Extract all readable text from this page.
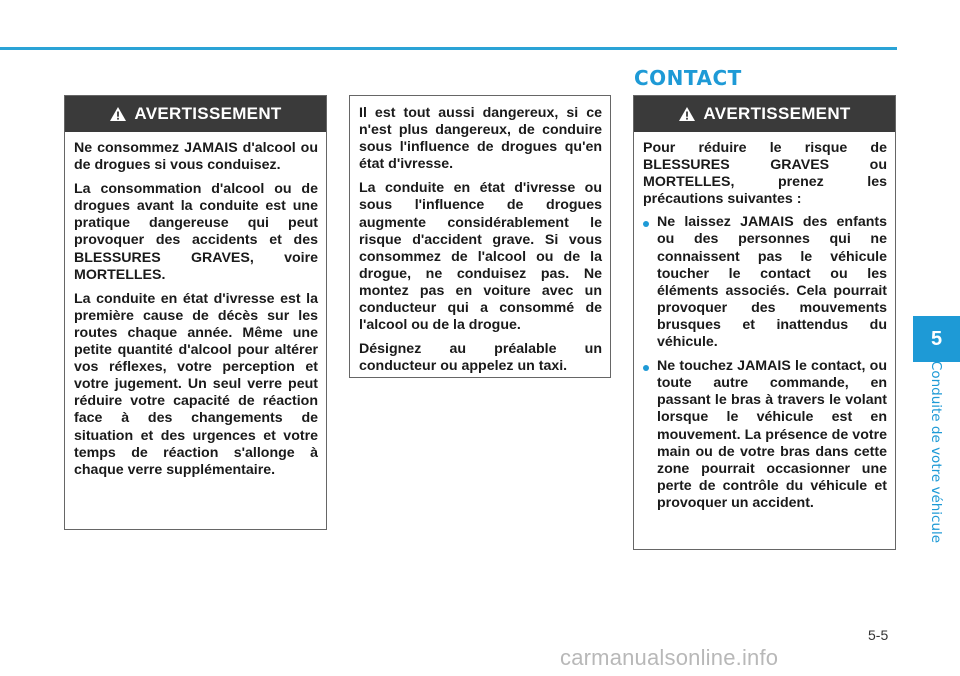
CONTACT
AVERTISSEMENT

Ne consommez JAMAIS d'alcool ou de drogues si vous conduisez.

La consommation d'alcool ou de drogues avant la conduite est une pratique dangereuse qui peut provoquer des accidents et des BLESSURES GRAVES, voire MORTELLES.

La conduite en état d'ivresse est la première cause de décès sur les routes chaque année. Même une petite quantité d'alcool pour altérer vos réflexes, votre perception et votre jugement. Un seul verre peut réduire votre capacité de réaction face à des changements de situation et des urgences et votre temps de réaction s'allonge à chaque verre supplémentaire.

Il est tout aussi dangereux, si ce n'est plus dangereux, de conduire sous l'influence de drogues qu'en état d'ivresse.

La conduite en état d'ivresse ou sous l'influence de drogues augmente considérablement le risque d'accident grave. Si vous consommez de l'alcool ou de la drogue, ne conduisez pas. Ne montez pas en voiture avec un conducteur qui a consommé de l'alcool ou de la drogue.

Désignez au préalable un conducteur ou appelez un taxi.

AVERTISSEMENT

Pour réduire le risque de BLESSURES GRAVES ou MORTELLES, prenez les précautions suivantes :

Ne laissez JAMAIS des enfants ou des personnes qui ne connaissent pas le véhicule toucher le contact ou les éléments associés. Cela pourrait provoquer des mouvements brusques et inattendus du véhicule.
Ne touchez JAMAIS le contact, ou toute autre commande, en passant le bras à travers le volant lorsque le véhicule est en mouvement. La présence de votre main ou de votre bras dans cette zone pourrait occasionner une perte de contrôle du véhicule et provoquer un accident.
5
Conduite de votre véhicule
5-5
carmanualsonline.info
